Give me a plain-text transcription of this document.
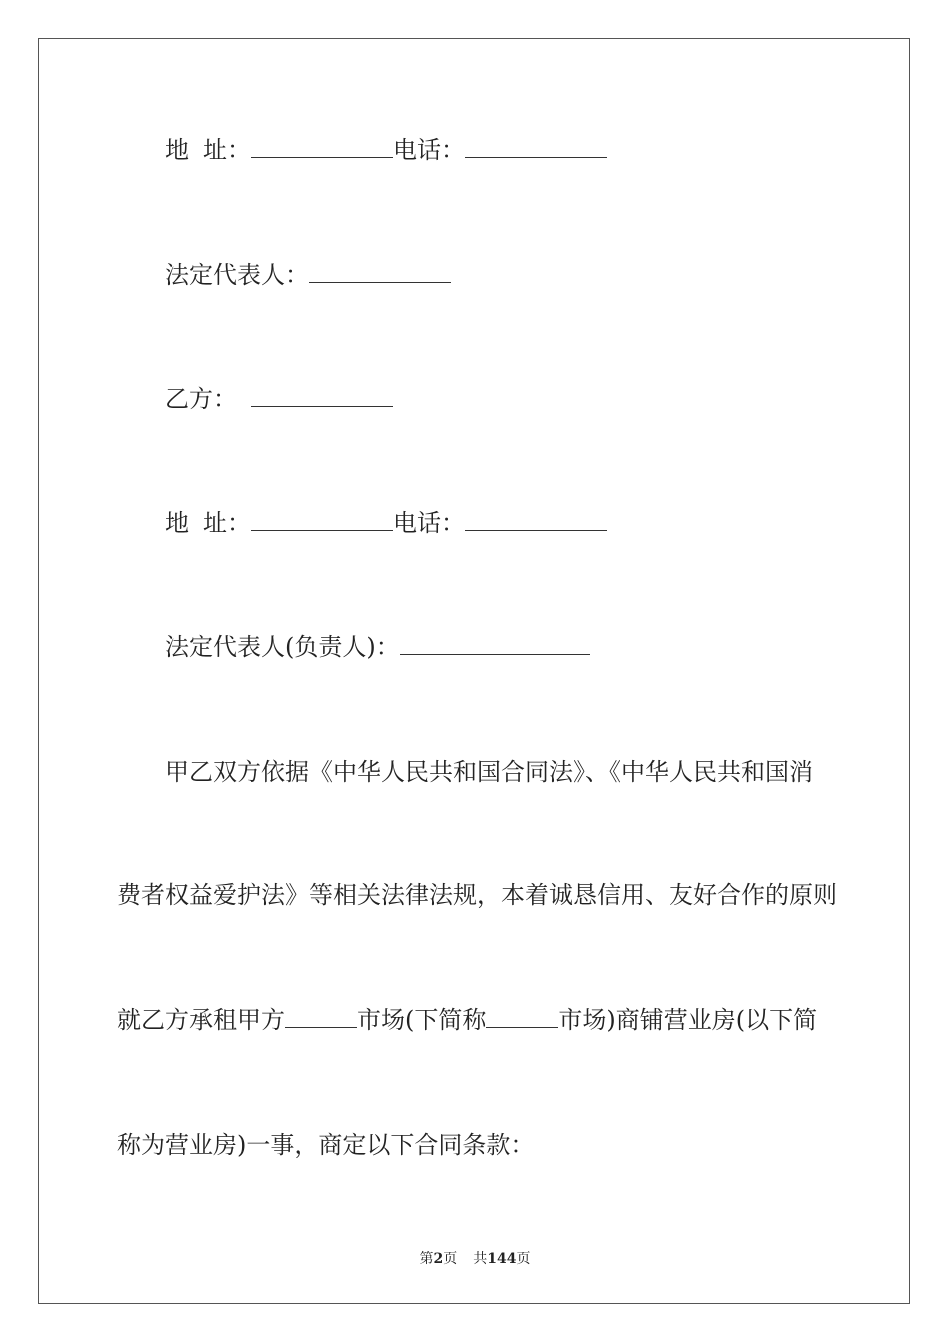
地 址：	电话：
法定代表人：
乙方：
地 址：	电话：
法定代表人(负责人)：
甲乙双方依据《中华人民共和国合同法》、《中华人民共和国消
费者权益爱护法》等相关法律法规，本着诚恳信用、友好合作的原则
就乙方承租甲方	市场(下简称	市场)商铺营业房(以下简
称为营业房)一事，商定以下合同条款：
第2页 共144页
